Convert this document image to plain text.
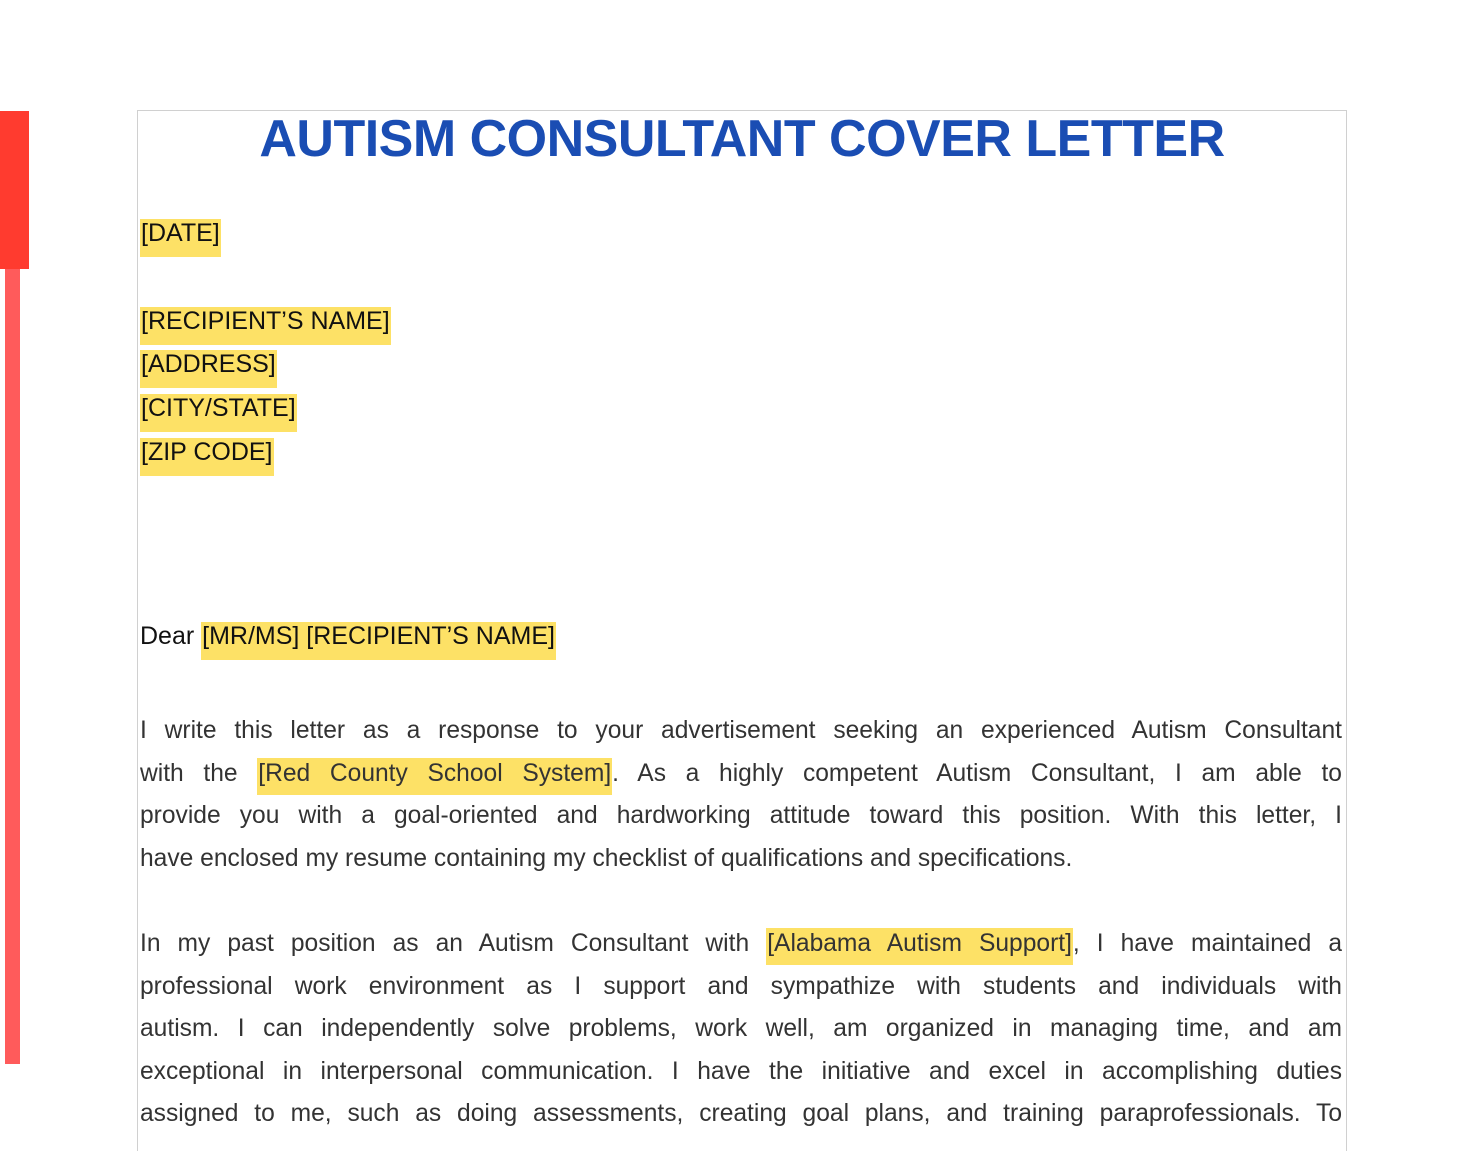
AUTISM CONSULTANT COVER LETTER
[DATE]
[RECIPIENT’S NAME]
[ADDRESS]
[CITY/STATE]
[ZIP CODE]
Dear [MR/MS] [RECIPIENT’S NAME]
I write this letter as a response to your advertisement seeking an experienced Autism Consultant
with the [Red County School System]. As a highly competent Autism Consultant, I am able to
provide you with a goal-oriented and hardworking attitude toward this position. With this letter, I
have enclosed my resume containing my checklist of qualifications and specifications.
In my past position as an Autism Consultant with [Alabama Autism Support], I have maintained a
professional work environment as I support and sympathize with students and individuals with
autism. I can independently solve problems, work well, am organized in managing time, and am
exceptional in interpersonal communication. I have the initiative and excel in accomplishing duties
assigned to me, such as doing assessments, creating goal plans, and training paraprofessionals. To
